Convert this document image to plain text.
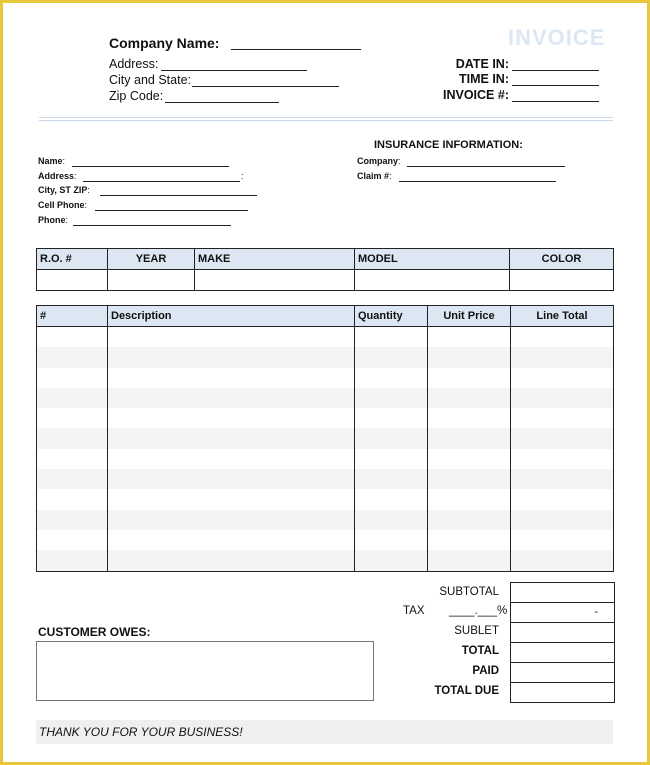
Company Name:
Address:
City and State:
Zip Code:
INVOICE
DATE IN:
TIME IN:
INVOICE #:
INSURANCE INFORMATION:
Company:
Claim #:
Name:
Address:	:
City, ST ZIP:
Cell Phone:
Phone:
R.O. #	YEAR	MAKE	MODEL	COLOR

#	Description	Quantity	Unit Price	Line Total

SUBTOTAL
TAX ____.___%	-
SUBLET
TOTAL
PAID
TOTAL DUE
CUSTOMER OWES:
THANK YOU FOR YOUR BUSINESS!
